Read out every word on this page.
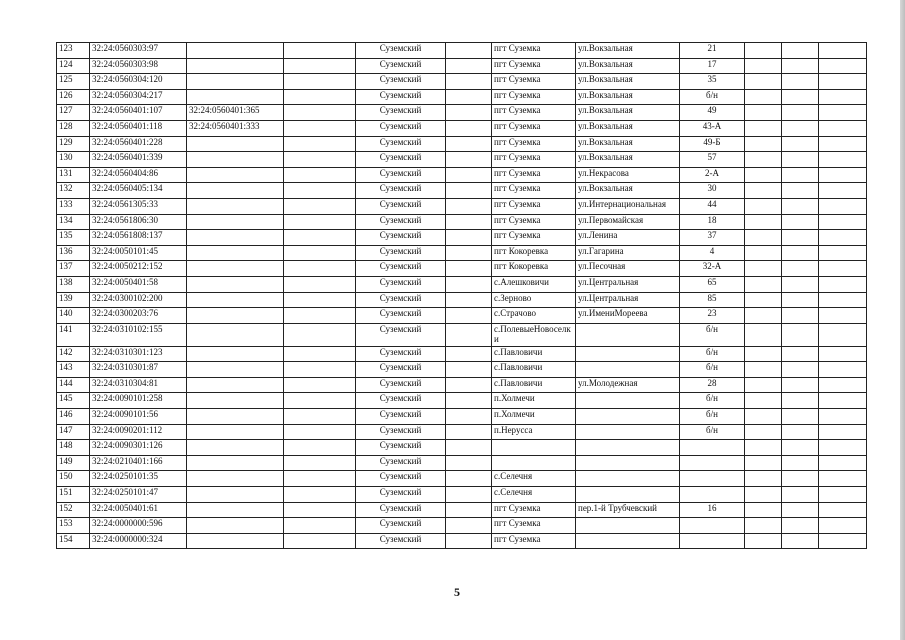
123	32:24:0560303:97			Суземский		пгт Суземка	ул.Вокзальная	21			
124	32:24:0560303:98			Суземский		пгт Суземка	ул.Вокзальная	17			
125	32:24:0560304:120			Суземский		пгт Суземка	ул.Вокзальная	35			
126	32:24:0560304:217			Суземский		пгт Суземка	ул.Вокзальная	б/н			
127	32:24:0560401:107	32:24:0560401:365		Суземский		пгт Суземка	ул.Вокзальная	49			
128	32:24:0560401:118	32:24:0560401:333		Суземский		пгт Суземка	ул.Вокзальная	43-А			
129	32:24:0560401:228			Суземский		пгт Суземка	ул.Вокзальная	49-Б			
130	32:24:0560401:339			Суземский		пгт Суземка	ул.Вокзальная	57			
131	32:24:0560404:86			Суземский		пгт Суземка	ул.Некрасова	2-А			
132	32:24:0560405:134			Суземский		пгт Суземка	ул.Вокзальная	30			
133	32:24:0561305:33			Суземский		пгт Суземка	ул.Интернациональная	44			
134	32:24:0561806:30			Суземский		пгт Суземка	ул.Первомайская	18			
135	32:24:0561808:137			Суземский		пгт Суземка	ул.Ленина	37			
136	32:24:0050101:45			Суземский		пгт Кокоревка	ул.Гагарина	4			
137	32:24:0050212:152			Суземский		пгт Кокоревка	ул.Песочная	32-А			
138	32:24:0050401:58			Суземский		с.Алешковичи	ул.Центральная	65			
139	32:24:0300102:200			Суземский		с.Зерново	ул.Центральная	85			
140	32:24:0300203:76			Суземский		с.Страчово	ул.ИмениМореева	23			
141	32:24:0310102:155			Суземский		с.ПолевыеНовоселки		б/н			
142	32:24:0310301:123			Суземский		с.Павловичи		б/н			
143	32:24:0310301:87			Суземский		с.Павловичи		б/н			
144	32:24:0310304:81			Суземский		с.Павловичи	ул.Молодежная	28			
145	32:24:0090101:258			Суземский		п.Холмечи		б/н			
146	32:24:0090101:56			Суземский		п.Холмечи		б/н			
147	32:24:0090201:112			Суземский		п.Нерусса		б/н			
148	32:24:0090301:126			Суземский							
149	32:24:0210401:166			Суземский							
150	32:24:0250101:35			Суземский		с.Селечня					
151	32:24:0250101:47			Суземский		с.Селечня					
152	32:24:0050401:61			Суземский		пгт Суземка	пер.1-й Трубчевский	16			
153	32:24:0000000:596			Суземский		пгт Суземка					
154	32:24:0000000:324			Суземский		пгт Суземка					
5
